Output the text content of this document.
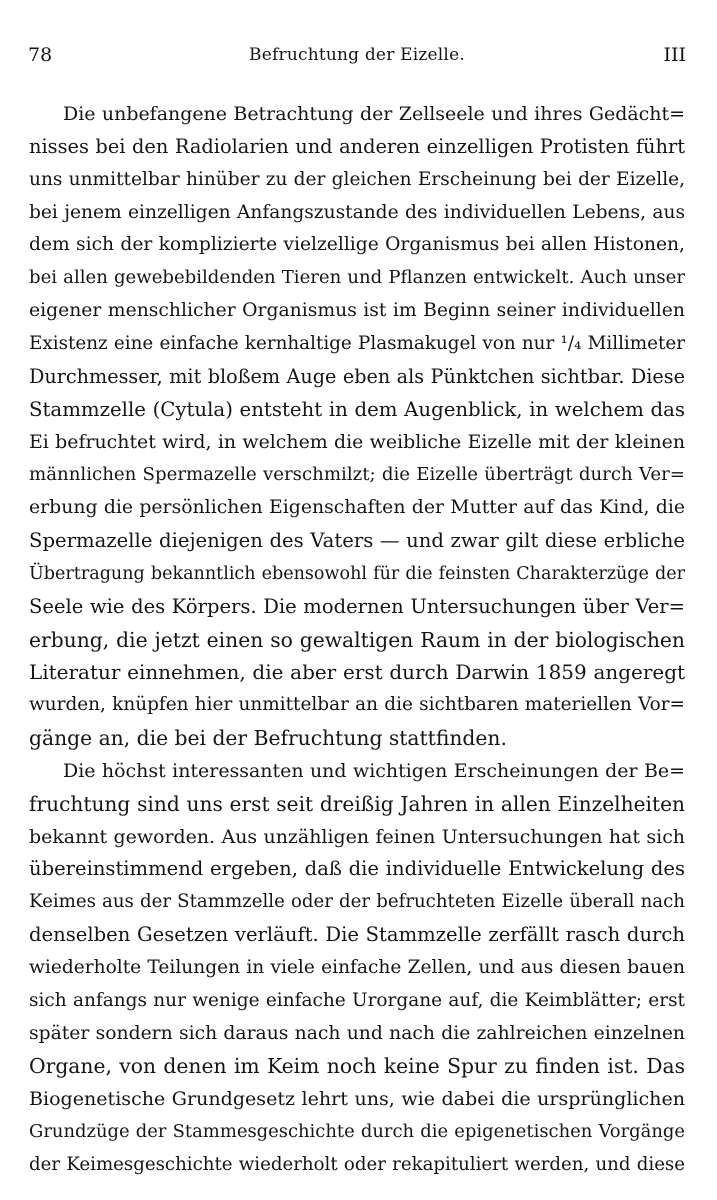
78	Befruchtung der Eizelle.	III
Die unbefangene Betrachtung der Zellseele und ihres Gedächt=
nisses bei den Radiolarien und anderen einzelligen Protisten führt
uns unmittelbar hinüber zu der gleichen Erscheinung bei der Eizelle,
bei jenem einzelligen Anfangszustande des individuellen Lebens, aus
dem sich der komplizierte vielzellige Organismus bei allen Histonen,
bei allen gewebebildenden Tieren und Pflanzen entwickelt. Auch unser
eigener menschlicher Organismus ist im Beginn seiner individuellen
Existenz eine einfache kernhaltige Plasmakugel von nur ¹/₄ Millimeter
Durchmesser, mit bloßem Auge eben als Pünktchen sichtbar. Diese
Stammzelle (Cytula) entsteht in dem Augenblick, in welchem das
Ei befruchtet wird, in welchem die weibliche Eizelle mit der kleinen
männlichen Spermazelle verschmilzt; die Eizelle überträgt durch Ver=
erbung die persönlichen Eigenschaften der Mutter auf das Kind, die
Spermazelle diejenigen des Vaters — und zwar gilt diese erbliche
Übertragung bekanntlich ebensowohl für die feinsten Charakterzüge der
Seele wie des Körpers. Die modernen Untersuchungen über Ver=
erbung, die jetzt einen so gewaltigen Raum in der biologischen
Literatur einnehmen, die aber erst durch Darwin 1859 angeregt
wurden, knüpfen hier unmittelbar an die sichtbaren materiellen Vor=
gänge an, die bei der Befruchtung stattfinden.
Die höchst interessanten und wichtigen Erscheinungen der Be=
fruchtung sind uns erst seit dreißig Jahren in allen Einzelheiten
bekannt geworden. Aus unzähligen feinen Untersuchungen hat sich
übereinstimmend ergeben, daß die individuelle Entwickelung des
Keimes aus der Stammzelle oder der befruchteten Eizelle überall nach
denselben Gesetzen verläuft. Die Stammzelle zerfällt rasch durch
wiederholte Teilungen in viele einfache Zellen, und aus diesen bauen
sich anfangs nur wenige einfache Urorgane auf, die Keimblätter; erst
später sondern sich daraus nach und nach die zahlreichen einzelnen
Organe, von denen im Keim noch keine Spur zu finden ist. Das
Biogenetische Grundgesetz lehrt uns, wie dabei die ursprünglichen
Grundzüge der Stammesgeschichte durch die epigenetischen Vorgänge
der Keimesgeschichte wiederholt oder rekapituliert werden, und diese
